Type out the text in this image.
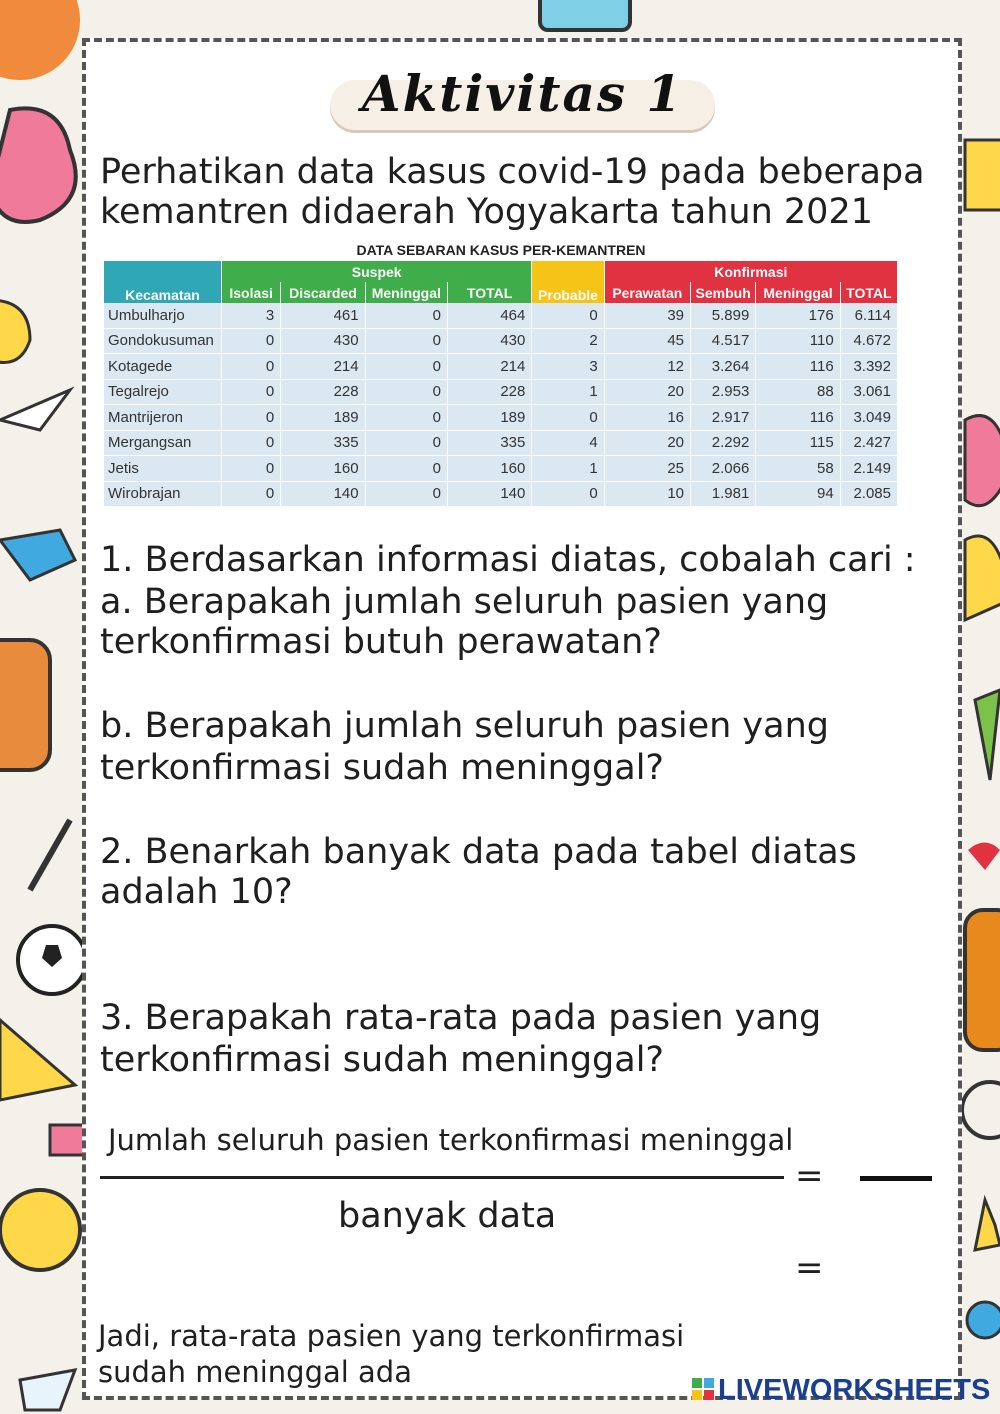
Aktivitas 1
Perhatikan data kasus covid-19 pada beberapa
kemantren didaerah Yogyakarta tahun 2021
DATA SEBARAN KASUS PER-KEMANTREN
Kecamatan	Suspek				Probable	Konfirmasi			
	Isolasi	Discarded	Meninggal	TOTAL		Perawatan	Sembuh	Meninggal	TOTAL
Umbulharjo	3	461	0	464	0	39	5.899	176	6.114
Gondokusuman	0	430	0	430	2	45	4.517	110	4.672
Kotagede	0	214	0	214	3	12	3.264	116	3.392
Tegalrejo	0	228	0	228	1	20	2.953	88	3.061
Mantrijeron	0	189	0	189	0	16	2.917	116	3.049
Mergangsan	0	335	0	335	4	20	2.292	115	2.427
Jetis	0	160	0	160	1	25	2.066	58	2.149
Wirobrajan	0	140	0	140	0	10	1.981	94	2.085
1. Berdasarkan informasi diatas, cobalah cari :
a. Berapakah jumlah seluruh pasien yang
terkonfirmasi butuh perawatan?
b. Berapakah jumlah seluruh pasien yang
terkonfirmasi sudah meninggal?
2. Benarkah banyak data pada tabel diatas
adalah 10?
3. Berapakah rata-rata pada pasien yang
terkonfirmasi sudah meninggal?
Jumlah seluruh pasien terkonfirmasi meninggal
=
banyak data
=
Jadi, rata-rata pasien yang terkonfirmasi
sudah meninggal ada
LIVEWORKSHEETS
